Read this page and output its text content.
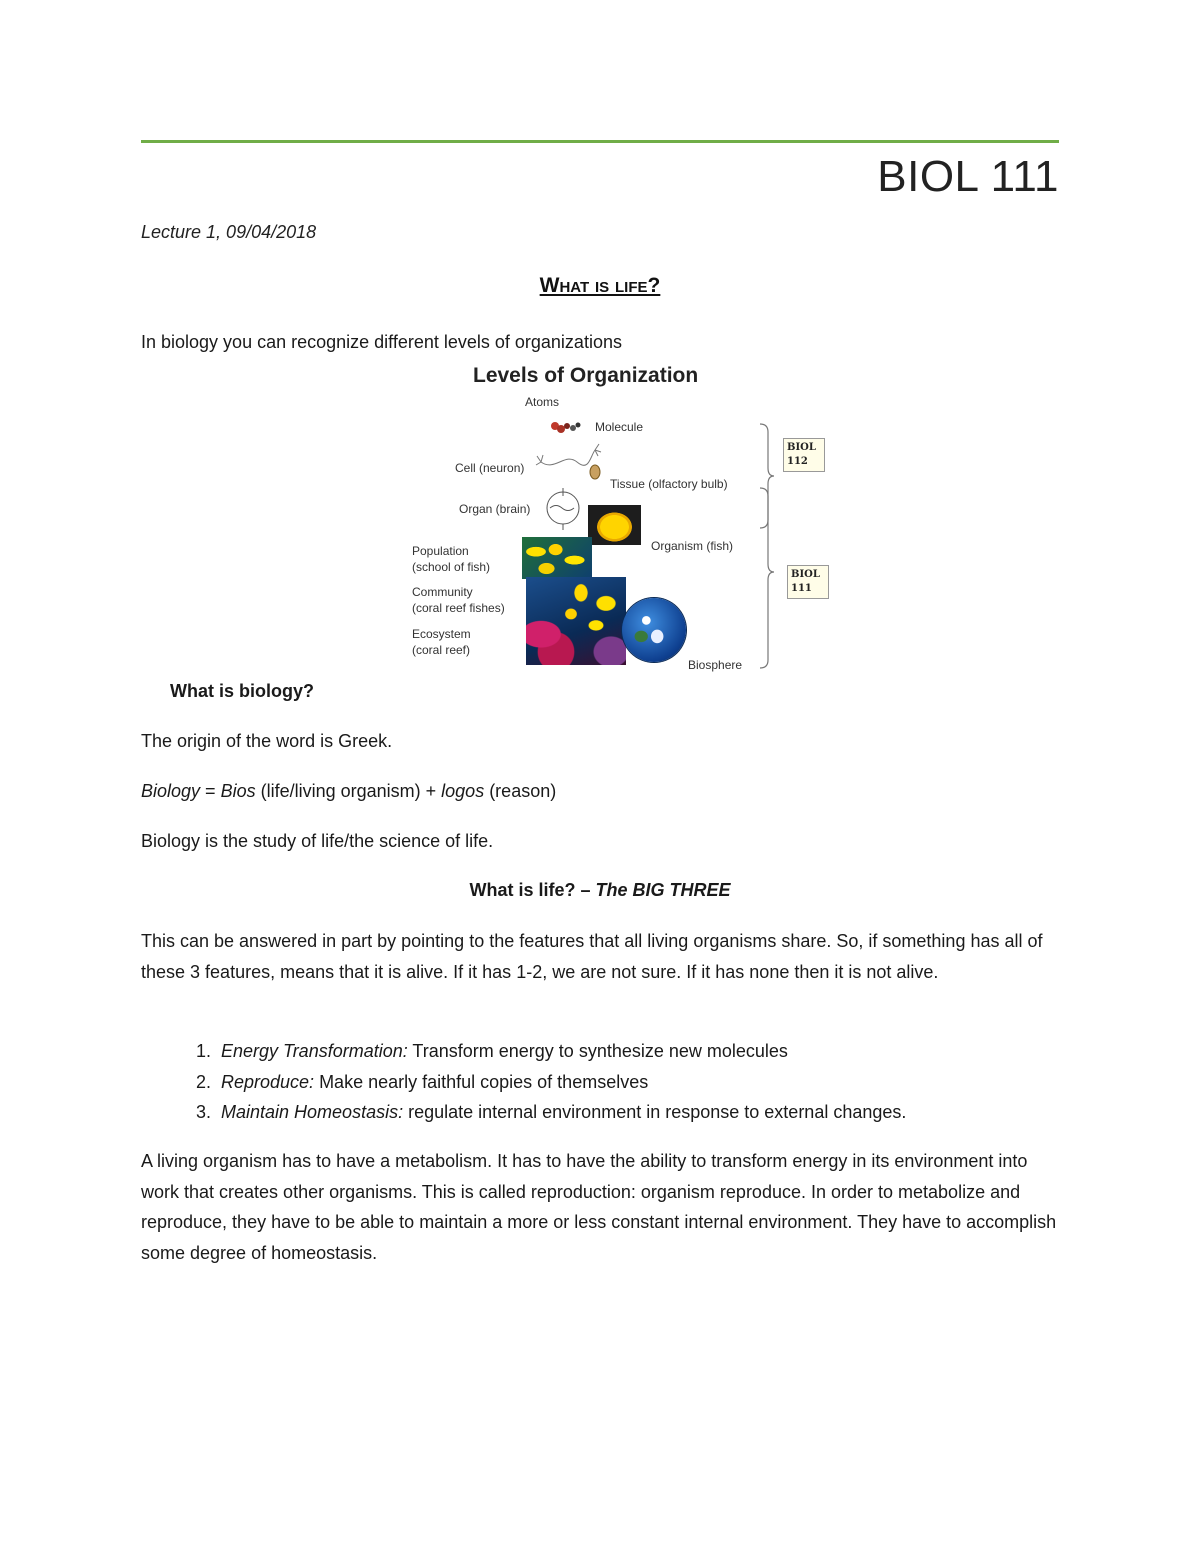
BIOL 111
Lecture 1, 09/04/2018
What is life?
In biology you can recognize different levels of organizations
Levels of Organization
Atoms
Molecule
Cell (neuron)
Tissue (olfactory bulb)
Organ (brain)
Organism (fish)
Population
(school of fish)
Community
(coral reef fishes)
Ecosystem
(coral reef)
Biosphere
BIOL
112
BIOL
111
What is biology?
The origin of the word is Greek.
Biology = Bios (life/living organism) + logos (reason)
Biology is the study of life/the science of life.
What is life? – The BIG THREE
This can be answered in part by pointing to the features that all living organisms share. So, if something has all of these 3 features, means that it is alive. If it has 1-2, we are not sure. If it has none then it is not alive.
1. Energy Transformation: Transform energy to synthesize new molecules
2. Reproduce: Make nearly faithful copies of themselves
3. Maintain Homeostasis: regulate internal environment in response to external changes.
A living organism has to have a metabolism. It has to have the ability to transform energy in its environment into work that creates other organisms. This is called reproduction: organism reproduce. In order to metabolize and reproduce, they have to be able to maintain a more or less constant internal environment. They have to accomplish some degree of homeostasis.
